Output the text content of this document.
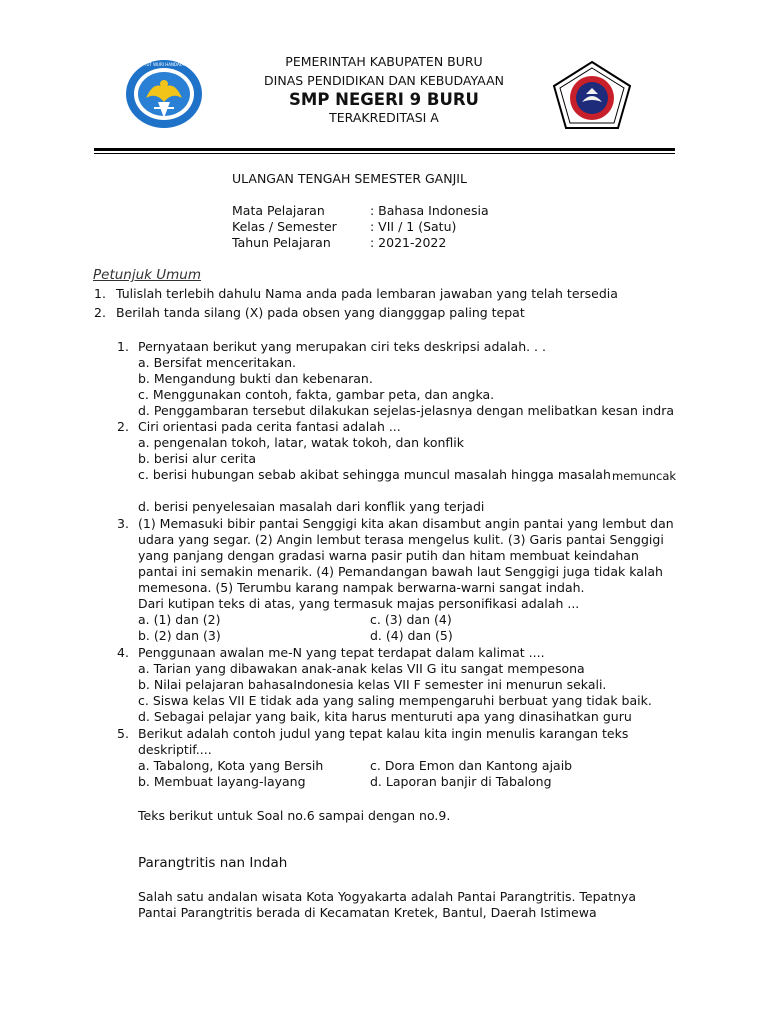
TUT WURI HANDAYANI	PEMERINTAH KABUPATEN BURU
DINAS PENDIDIKAN DAN KEBUDAYAAN
SMP NEGERI 9 BURU
TERAKREDITASI A
ULANGAN TENGAH SEMESTER GANJIL
Mata Pelajaran	: Bahasa Indonesia
Kelas / Semester	: VII / 1 (Satu)
Tahun Pelajaran	: 2021-2022
Petunjuk Umum
1. Tulislah terlebih dahulu Nama anda pada lembaran jawaban yang telah tersedia
2. Berilah tanda silang (X) pada obsen yang diangggap paling tepat
1. Pernyataan berikut yang merupakan ciri teks deskripsi adalah. . .
a. Bersifat menceritakan.
b. Mengandung bukti dan kebenaran.
c. Menggunakan contoh, fakta, gambar peta, dan angka.
d. Penggambaran tersebut dilakukan sejelas-jelasnya dengan melibatkan kesan indra
2. Ciri orientasi pada cerita fantasi adalah ...
a. pengenalan tokoh, latar, watak tokoh, dan konflik
b. berisi alur cerita
c. berisi hubungan sebab akibat sehingga muncul masalah hingga masalah memuncak
d. berisi penyelesaian masalah dari konflik yang terjadi
3. (1) Memasuki bibir pantai Senggigi kita akan disambut angin pantai yang lembut dan
udara yang segar. (2) Angin lembut terasa mengelus kulit. (3) Garis pantai Senggigi
yang panjang dengan gradasi warna pasir putih dan hitam membuat keindahan
pantai ini semakin menarik. (4) Pemandangan bawah laut Senggigi juga tidak kalah
memesona. (5) Terumbu karang nampak berwarna-warni sangat indah.
Dari kutipan teks di atas, yang termasuk majas personifikasi adalah ...
a. (1) dan (2)	c. (3) dan (4)
b. (2) dan (3)	d. (4) dan (5)
4. Penggunaan awalan me-N yang tepat terdapat dalam kalimat ....
a. Tarian yang dibawakan anak-anak kelas VII G itu sangat mempesona
b. Nilai pelajaran bahasaIndonesia kelas VII F semester ini menurun sekali.
c. Siswa kelas VII E tidak ada yang saling mempengaruhi berbuat yang tidak baik.
d. Sebagai pelajar yang baik, kita harus menturuti apa yang dinasihatkan guru
5. Berikut adalah contoh judul yang tepat kalau kita ingin menulis karangan teks
deskriptif....
a. Tabalong, Kota yang Bersih	c. Dora Emon dan Kantong ajaib
b. Membuat layang-layang	d. Laporan banjir di Tabalong
Teks berikut untuk Soal no.6 sampai dengan no.9.
Parangtritis nan Indah
Salah satu andalan wisata Kota Yogyakarta adalah Pantai Parangtritis. Tepatnya
Pantai Parangtritis berada di Kecamatan Kretek, Bantul, Daerah Istimewa
